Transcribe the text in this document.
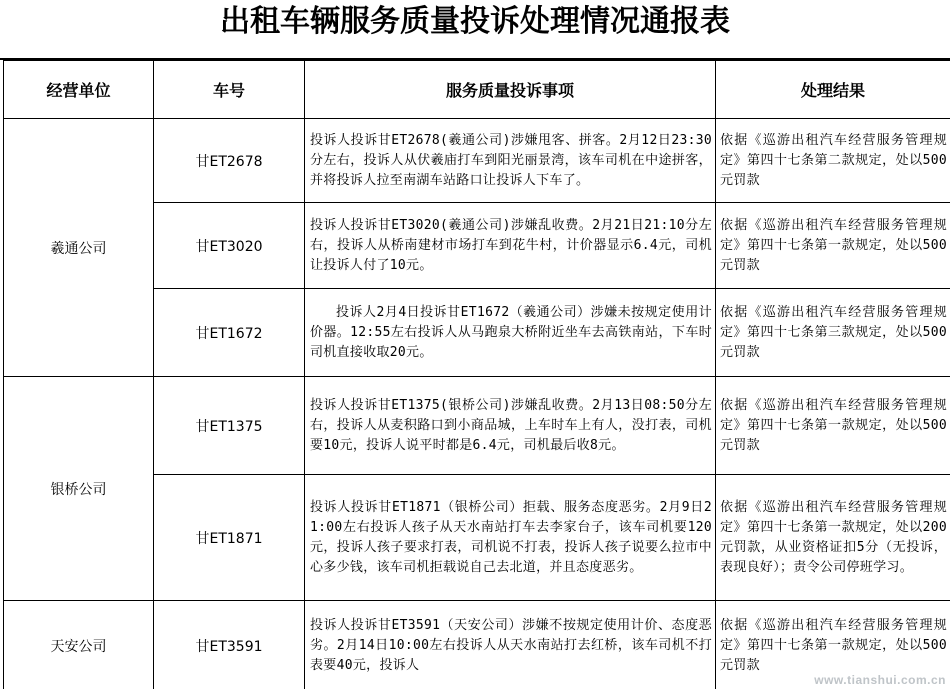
出租车辆服务质量投诉处理情况通报表
经营单位	车号	服务质量投诉事项	处理结果
羲通公司	甘ET2678	投诉人投诉甘ET2678(羲通公司)涉嫌甩客、拼客。2月12日23:30分左右，投诉人从伏羲庙打车到阳光丽景湾，该车司机在中途拼客，并将投诉人拉至南湖车站路口让投诉人下车了。	依据《巡游出租汽车经营服务管理规定》第四十七条第二款规定，处以500元罚款
	甘ET3020	投诉人投诉甘ET3020(羲通公司)涉嫌乱收费。2月21日21:10分左右，投诉人从桥南建材市场打车到花牛村，计价器显示6.4元，司机让投诉人付了10元。	依据《巡游出租汽车经营服务管理规定》第四十七条第一款规定，处以500元罚款
	甘ET1672	投诉人2月4日投诉甘ET1672（羲通公司）涉嫌未按规定使用计价器。12:55左右投诉人从马跑泉大桥附近坐车去高铁南站，下车时司机直接收取20元。	依据《巡游出租汽车经营服务管理规定》第四十七条第三款规定，处以500元罚款
银桥公司	甘ET1375	投诉人投诉甘ET1375(银桥公司)涉嫌乱收费。2月13日08:50分左右，投诉人从麦积路口到小商品城，上车时车上有人，没打表，司机要10元，投诉人说平时都是6.4元，司机最后收8元。	依据《巡游出租汽车经营服务管理规定》第四十七条第一款规定，处以500元罚款
	甘ET1871	投诉人投诉甘ET1871（银桥公司）拒载、服务态度恶劣。2月9日21:00左右投诉人孩子从天水南站打车去李家台子，该车司机要120元，投诉人孩子要求打表，司机说不打表，投诉人孩子说要么拉市中心多少钱，该车司机拒载说自己去北道，并且态度恶劣。	依据《巡游出租汽车经营服务管理规定》第四十七条第一款规定，处以200元罚款，从业资格证扣5分（无投诉，表现良好）；责令公司停班学习。
天安公司	甘ET3591	投诉人投诉甘ET3591（天安公司）涉嫌不按规定使用计价、态度恶劣。2月14日10:00左右投诉人从天水南站打去红桥，该车司机不打表要40元，投诉人	依据《巡游出租汽车经营服务管理规定》第四十七条第一款规定，处以500元罚款
www.tianshui.com.cn
